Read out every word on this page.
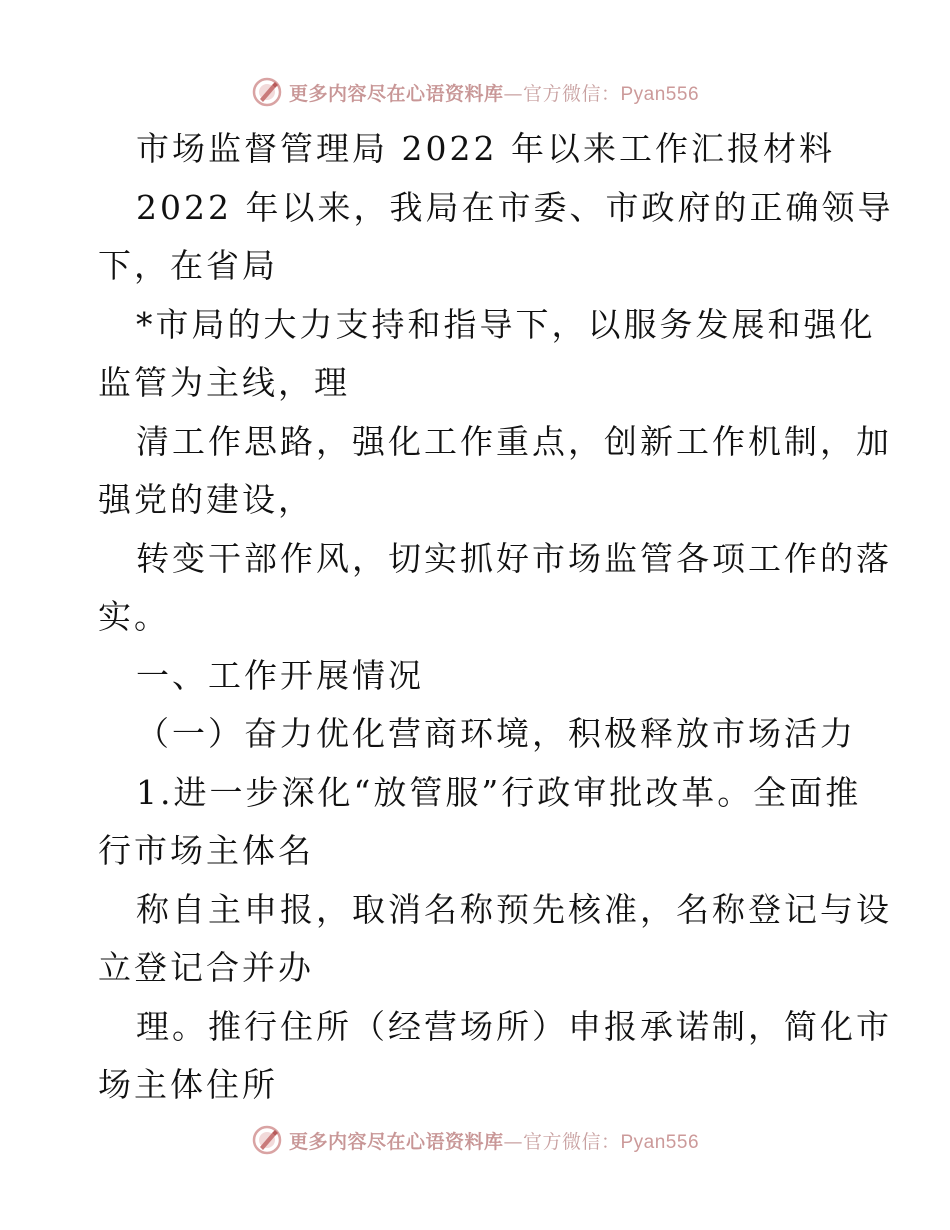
更多内容尽在心语资料库—官方微信：Pyan556
市场监督管理局 2022 年以来工作汇报材料
2022 年以来，我局在市委、市政府的正确领导
下，在省局
*市局的大力支持和指导下，以服务发展和强化
监管为主线，理
清工作思路，强化工作重点，创新工作机制，加
强党的建设，
转变干部作风，切实抓好市场监管各项工作的落
实。
一、工作开展情况
（一）奋力优化营商环境，积极释放市场活力
1.进一步深化“放管服”行政审批改革。全面推
行市场主体名
称自主申报，取消名称预先核准，名称登记与设
立登记合并办
理。推行住所（经营场所）申报承诺制，简化市
场主体住所
更多内容尽在心语资料库—官方微信：Pyan556
